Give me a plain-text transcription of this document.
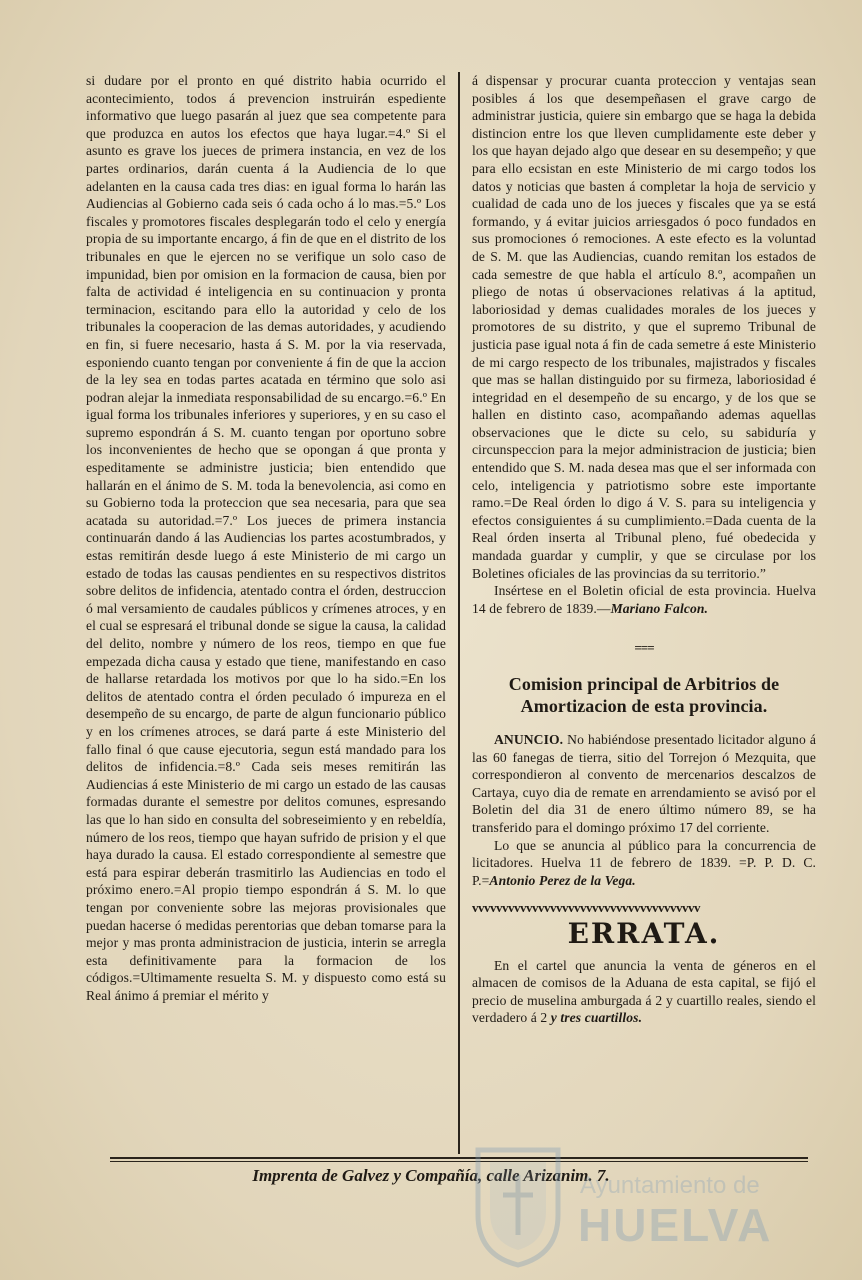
si dudare por el pronto en qué distrito habia ocurrido el acontecimiento, todos á prevencion instruirán espediente informativo que luego pasarán al juez que sea competente para que produzca en autos los efectos que haya lugar.=4.º Si el asunto es grave los jueces de primera instancia, en vez de los partes ordinarios, darán cuenta á la Audiencia de lo que adelanten en la causa cada tres dias: en igual forma lo harán las Audiencias al Gobierno cada seis ó cada ocho á lo mas.=5.º Los fiscales y promotores fiscales desplegarán todo el celo y energía propia de su importante encargo, á fin de que en el distrito de los tribunales en que le ejercen no se verifique un solo caso de impunidad, bien por omision en la formacion de causa, bien por falta de actividad é inteligencia en su continuacion y pronta terminacion, escitando para ello la autoridad y celo de los tribunales la cooperacion de las demas autoridades, y acudiendo en fin, si fuere necesario, hasta á S. M. por la via reservada, esponiendo cuanto tengan por conveniente á fin de que la accion de la ley sea en todas partes acatada en término que solo asi podran alejar la inmediata responsabilidad de su encargo.=6.º En igual forma los tribunales inferiores y superiores, y en su caso el supremo espondrán á S. M. cuanto tengan por oportuno sobre los inconvenientes de hecho que se opongan á que pronta y espeditamente se administre justicia; bien entendido que hallarán en el ánimo de S. M. toda la benevolencia, asi como en su Gobierno toda la proteccion que sea necesaria, para que sea acatada su autoridad.=7.º Los jueces de primera instancia continuarán dando á las Audiencias los partes acostumbrados, y estas remitirán desde luego á este Ministerio de mi cargo un estado de todas las causas pendientes en su respectivos distritos sobre delitos de infidencia, atentado contra el órden, destruccion ó mal versamiento de caudales públicos y crímenes atroces, y en el cual se espresará el tribunal donde se sigue la causa, la calidad del delito, nombre y número de los reos, tiempo en que fue empezada dicha causa y estado que tiene, manifestando en caso de hallarse retardada los motivos por que lo ha sido.=En los delitos de atentado contra el órden peculado ó impureza en el desempeño de su encargo, de parte de algun funcionario público y en los crímenes atroces, se dará parte á este Ministerio del fallo final ó que cause ejecutoria, segun está mandado para los delitos de infidencia.=8.º Cada seis meses remitirán las Audiencias á este Ministerio de mi cargo un estado de las causas formadas durante el semestre por delitos comunes, espresando las que lo han sido en consulta del sobreseimiento y en rebeldía, número de los reos, tiempo que hayan sufrido de prision y el que haya durado la causa. El estado correspondiente al semestre que está para espirar deberán trasmitirlo las Audiencias en todo el próximo enero.=Al propio tiempo espondrán á S. M. lo que tengan por conveniente sobre las mejoras provisionales que puedan hacerse ó medidas perentorias que deban tomarse para la mejor y mas pronta administracion de justicia, interin se arregla esta definitivamente para la formacion de los códigos.=Ultimamente resuelta S. M. y dispuesto como está su Real ánimo á premiar el mérito y

á dispensar y procurar cuanta proteccion y ventajas sean posibles á los que desempeñasen el grave cargo de administrar justicia, quiere sin embargo que se haga la debida distincion entre los que lleven cumplidamente este deber y los que hayan dejado algo que desear en su desempeño; y que para ello ecsistan en este Ministerio de mi cargo todos los datos y noticias que basten á completar la hoja de servicio y cualidad de cada uno de los jueces y fiscales que ya se está formando, y á evitar juicios arriesgados ó poco fundados en sus promociones ó remociones. A este efecto es la voluntad de S. M. que las Audiencias, cuando remitan los estados de cada semestre de que habla el artículo 8.º, acompañen un pliego de notas ú observaciones relativas á la aptitud, laboriosidad y demas cualidades morales de los jueces y promotores de su distrito, y que el supremo Tribunal de justicia pase igual nota á fin de cada semetre á este Ministerio de mi cargo respecto de los tribunales, majistrados y fiscales que mas se hallan distinguido por su firmeza, laboriosidad é integridad en el desempeño de su encargo, y de los que se hallen en distinto caso, acompañando ademas aquellas observaciones que le dicte su celo, su sabiduría y circunspeccion para la mejor administracion de justicia; bien entendido que S. M. nada desea mas que el ser informada con celo, inteligencia y patriotismo sobre este importante ramo.=De Real órden lo digo á V. S. para su inteligencia y efectos consiguientes á su cumplimiento.=Dada cuenta de la Real órden inserta al Tribunal pleno, fué obedecida y mandada guardar y cumplir, y que se circulase por los Boletines oficiales de las provincias da su territorio.”

Insértese en el Boletin oficial de esta provincia. Huelva 14 de febrero de 1839.—Mariano Falcon.

===
Comision principal de Arbitrios de Amortizacion de esta provincia.

ANUNCIO. No habiéndose presentado licitador alguno á las 60 fanegas de tierra, sitio del Torrejon ó Mezquita, que correspondieron al convento de mercenarios descalzos de Cartaya, cuyo dia de remate en arrendamiento se avisó por el Boletin del dia 31 de enero último número 89, se ha transferido para el domingo próximo 17 del corriente.

Lo que se anuncia al público para la concurrencia de licitadores. Huelva 11 de febrero de 1839. =P. P. D. C. P.=Antonio Perez de la Vega.

vvvvvvvvvvvvvvvvvvvvvvvvvvvvvvvvvvvvvv
ERRATA.

En el cartel que anuncia la venta de géneros en el almacen de comisos de la Aduana de esta capital, se fijó el precio de muselina amburgada á 2 y cuartillo reales, siendo el verdadero á 2 y tres cuartillos.

Imprenta de Galvez y Compañía, calle Arizanim. 7.
Ayuntamiento de
HUELVA
